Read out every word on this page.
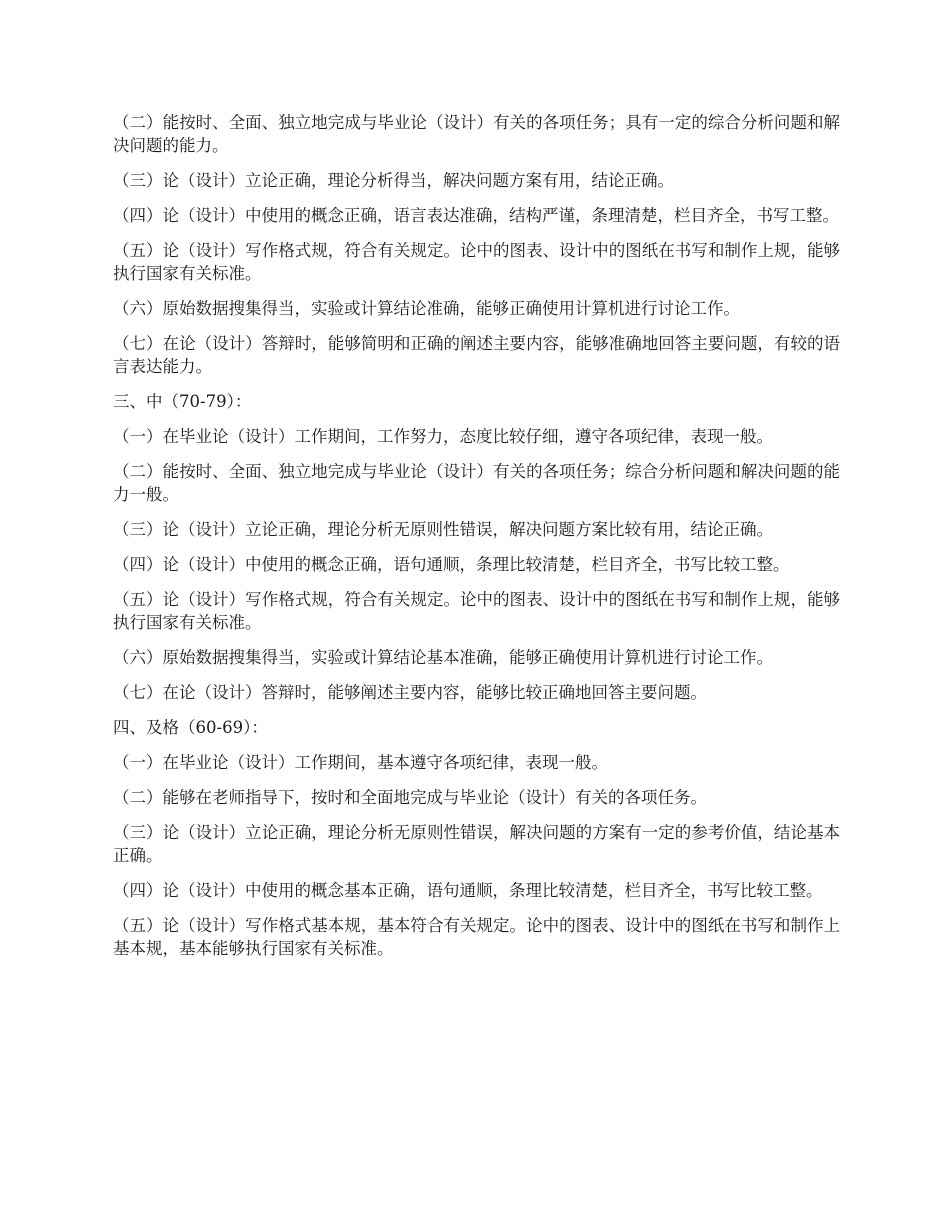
（二）能按时、全面、独立地完成与毕业论（设计）有关的各项任务；具有一定的综合分析问题和解决问题的能力。

（三）论（设计）立论正确，理论分析得当，解决问题方案有用，结论正确。

（四）论（设计）中使用的概念正确，语言表达准确，结构严谨，条理清楚，栏目齐全，书写工整。

（五）论（设计）写作格式规，符合有关规定。论中的图表、设计中的图纸在书写和制作上规，能够执行国家有关标准。

（六）原始数据搜集得当，实验或计算结论准确，能够正确使用计算机进行讨论工作。

（七）在论（设计）答辩时，能够简明和正确的阐述主要内容，能够准确地回答主要问题，有较的语言表达能力。

三、中（70-79）：

（一）在毕业论（设计）工作期间，工作努力，态度比较仔细，遵守各项纪律，表现一般。

（二）能按时、全面、独立地完成与毕业论（设计）有关的各项任务；综合分析问题和解决问题的能力一般。

（三）论（设计）立论正确，理论分析无原则性错误，解决问题方案比较有用，结论正确。

（四）论（设计）中使用的概念正确，语句通顺，条理比较清楚，栏目齐全，书写比较工整。

（五）论（设计）写作格式规，符合有关规定。论中的图表、设计中的图纸在书写和制作上规，能够执行国家有关标准。

（六）原始数据搜集得当，实验或计算结论基本准确，能够正确使用计算机进行讨论工作。

（七）在论（设计）答辩时，能够阐述主要内容，能够比较正确地回答主要问题。

四、及格（60-69）：

（一）在毕业论（设计）工作期间，基本遵守各项纪律，表现一般。

（二）能够在老师指导下，按时和全面地完成与毕业论（设计）有关的各项任务。

（三）论（设计）立论正确，理论分析无原则性错误，解决问题的方案有一定的参考价值，结论基本正确。

（四）论（设计）中使用的概念基本正确，语句通顺，条理比较清楚，栏目齐全，书写比较工整。

（五）论（设计）写作格式基本规，基本符合有关规定。论中的图表、设计中的图纸在书写和制作上基本规，基本能够执行国家有关标准。
